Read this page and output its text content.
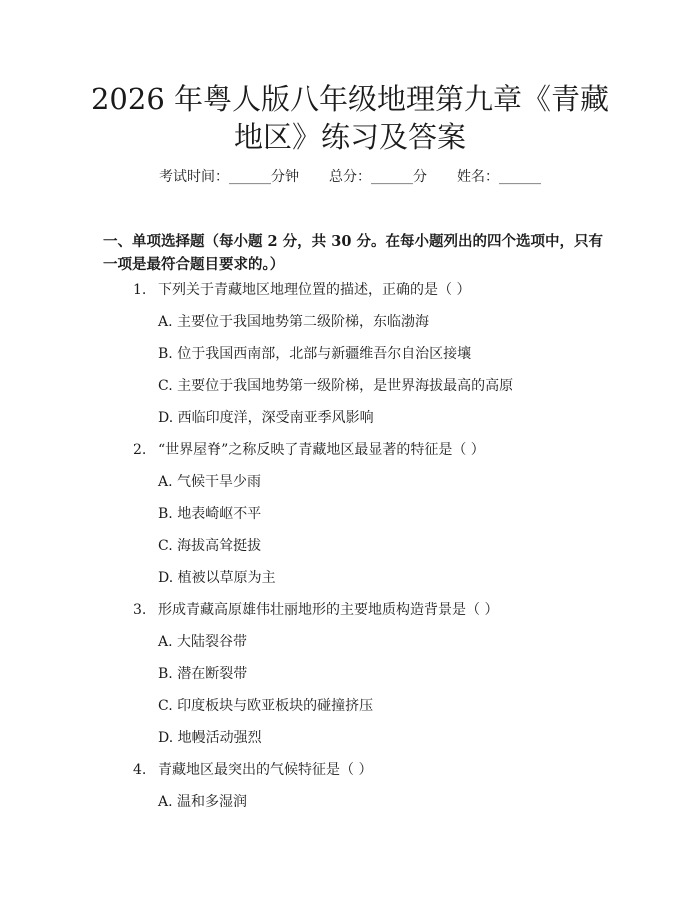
2026 年粤人版八年级地理第九章《青藏地区》练习及答案
考试时间：______分钟 总分：______分 姓名：______

一、单项选择题（每小题 2 分，共 30 分。在每小题列出的四个选项中，只有一项是最符合题目要求的。）

1. 下列关于青藏地区地理位置的描述，正确的是（ ）
A. 主要位于我国地势第二级阶梯，东临渤海
B. 位于我国西南部，北部与新疆维吾尔自治区接壤
C. 主要位于我国地势第一级阶梯，是世界海拔最高的高原
D. 西临印度洋，深受南亚季风影响
2. “世界屋脊”之称反映了青藏地区最显著的特征是（ ）
A. 气候干旱少雨
B. 地表崎岖不平
C. 海拔高耸挺拔
D. 植被以草原为主
3. 形成青藏高原雄伟壮丽地形的主要地质构造背景是（ ）
A. 大陆裂谷带
B. 潜在断裂带
C. 印度板块与欧亚板块的碰撞挤压
D. 地幔活动强烈
4. 青藏地区最突出的气候特征是（ ）
A. 温和多湿润
